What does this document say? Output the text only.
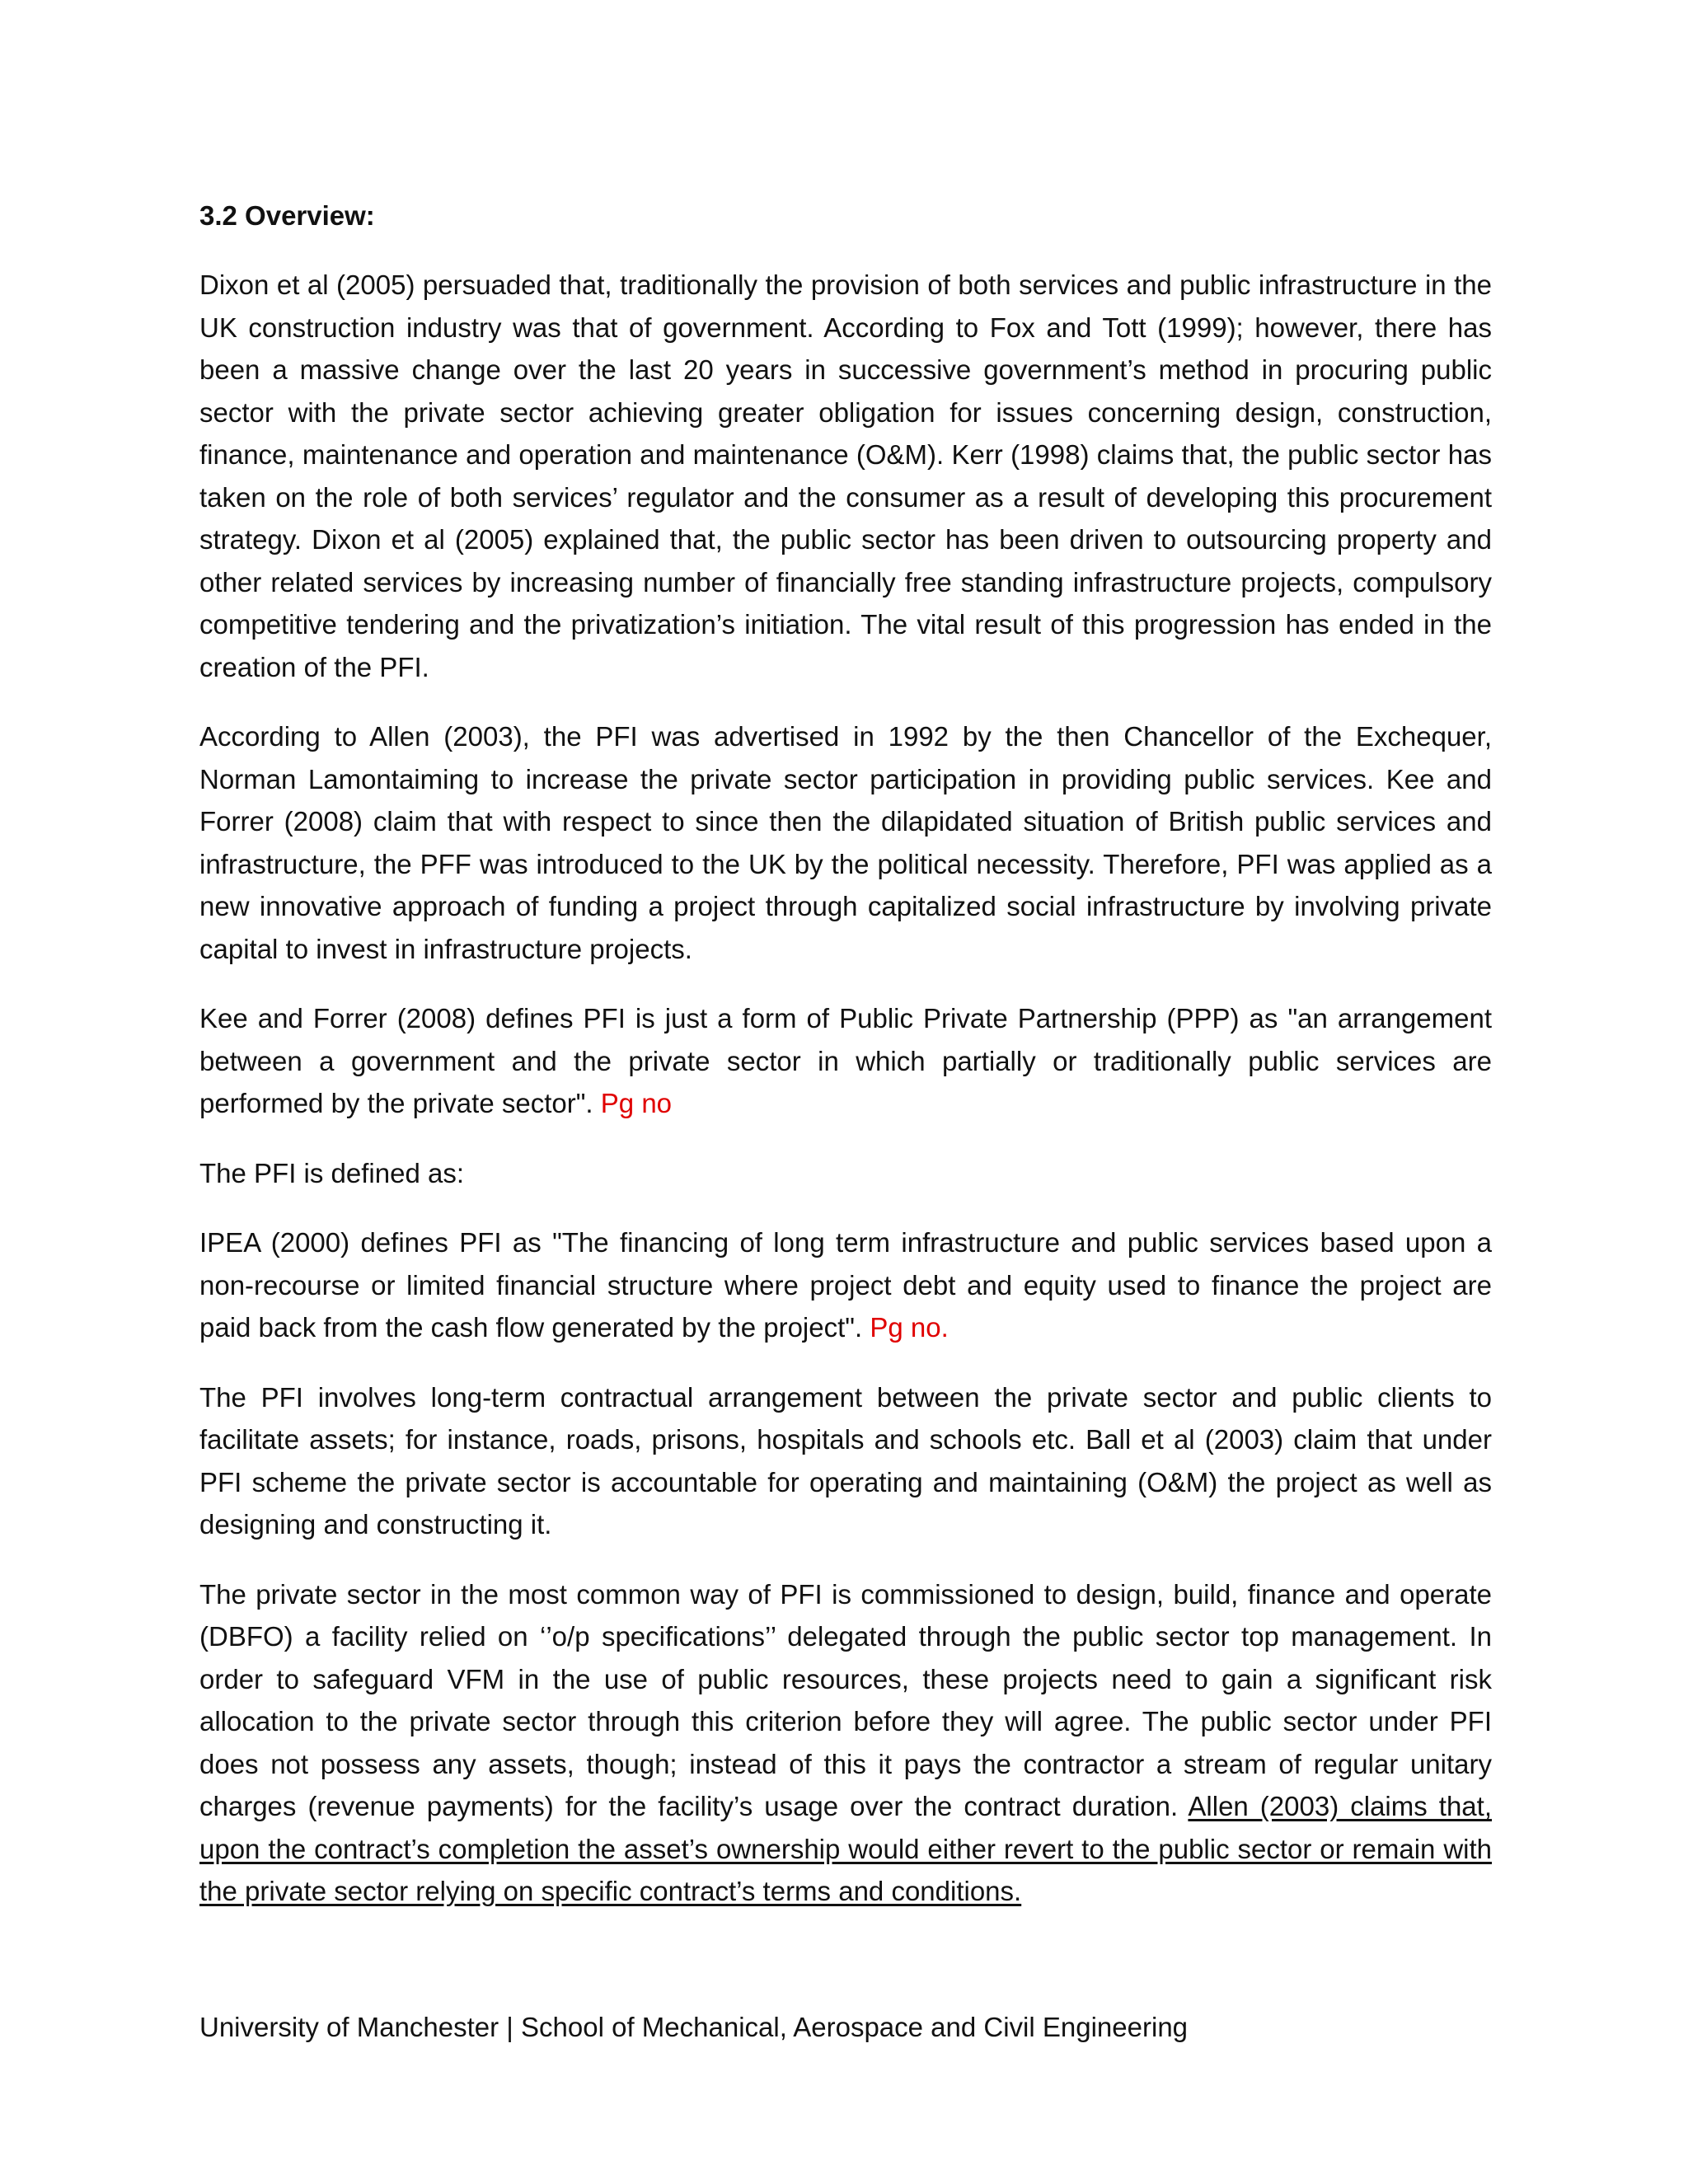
3.2 Overview:

Dixon et al (2005) persuaded that, traditionally the provision of both services and public infrastructure in the UK construction industry was that of government. According to Fox and Tott (1999); however, there has been a massive change over the last 20 years in successive government’s method in procuring public sector with the private sector achieving greater obligation for issues concerning design, construction, finance, maintenance and operation and maintenance (O&M). Kerr (1998) claims that, the public sector has taken on the role of both services’ regulator and the consumer as a result of developing this procurement strategy. Dixon et al (2005) explained that, the public sector has been driven to outsourcing property and other related services by increasing number of financially free standing infrastructure projects, compulsory competitive tendering and the privatization’s initiation. The vital result of this progression has ended in the creation of the PFI.

According to Allen (2003), the PFI was advertised in 1992 by the then Chancellor of the Exchequer, Norman Lamontaiming to increase the private sector participation in providing public services. Kee and Forrer (2008) claim that with respect to since then the dilapidated situation of British public services and infrastructure, the PFF was introduced to the UK by the political necessity. Therefore, PFI was applied as a new innovative approach of funding a project through capitalized social infrastructure by involving private capital to invest in infrastructure projects.

Kee and Forrer (2008) defines PFI is just a form of Public Private Partnership (PPP) as "an arrangement between a government and the private sector in which partially or traditionally public services are performed by the private sector". Pg no

The PFI is defined as:

IPEA (2000) defines PFI as "The financing of long term infrastructure and public services based upon a non-recourse or limited financial structure where project debt and equity used to finance the project are paid back from the cash flow generated by the project". Pg no.

The PFI involves long-term contractual arrangement between the private sector and public clients to facilitate assets; for instance, roads, prisons, hospitals and schools etc. Ball et al (2003) claim that under PFI scheme the private sector is accountable for operating and maintaining (O&M) the project as well as designing and constructing it.

The private sector in the most common way of PFI is commissioned to design, build, finance and operate (DBFO) a facility relied on ‘’o/p specifications’’ delegated through the public sector top management. In order to safeguard VFM in the use of public resources, these projects need to gain a significant risk allocation to the private sector through this criterion before they will agree. The public sector under PFI does not possess any assets, though; instead of this it pays the contractor a stream of regular unitary charges (revenue payments) for the facility’s usage over the contract duration. Allen (2003) claims that, upon the contract’s completion the asset’s ownership would either revert to the public sector or remain with the private sector relying on specific contract’s terms and conditions.

University of Manchester | School of Mechanical, Aerospace and Civil Engineering
